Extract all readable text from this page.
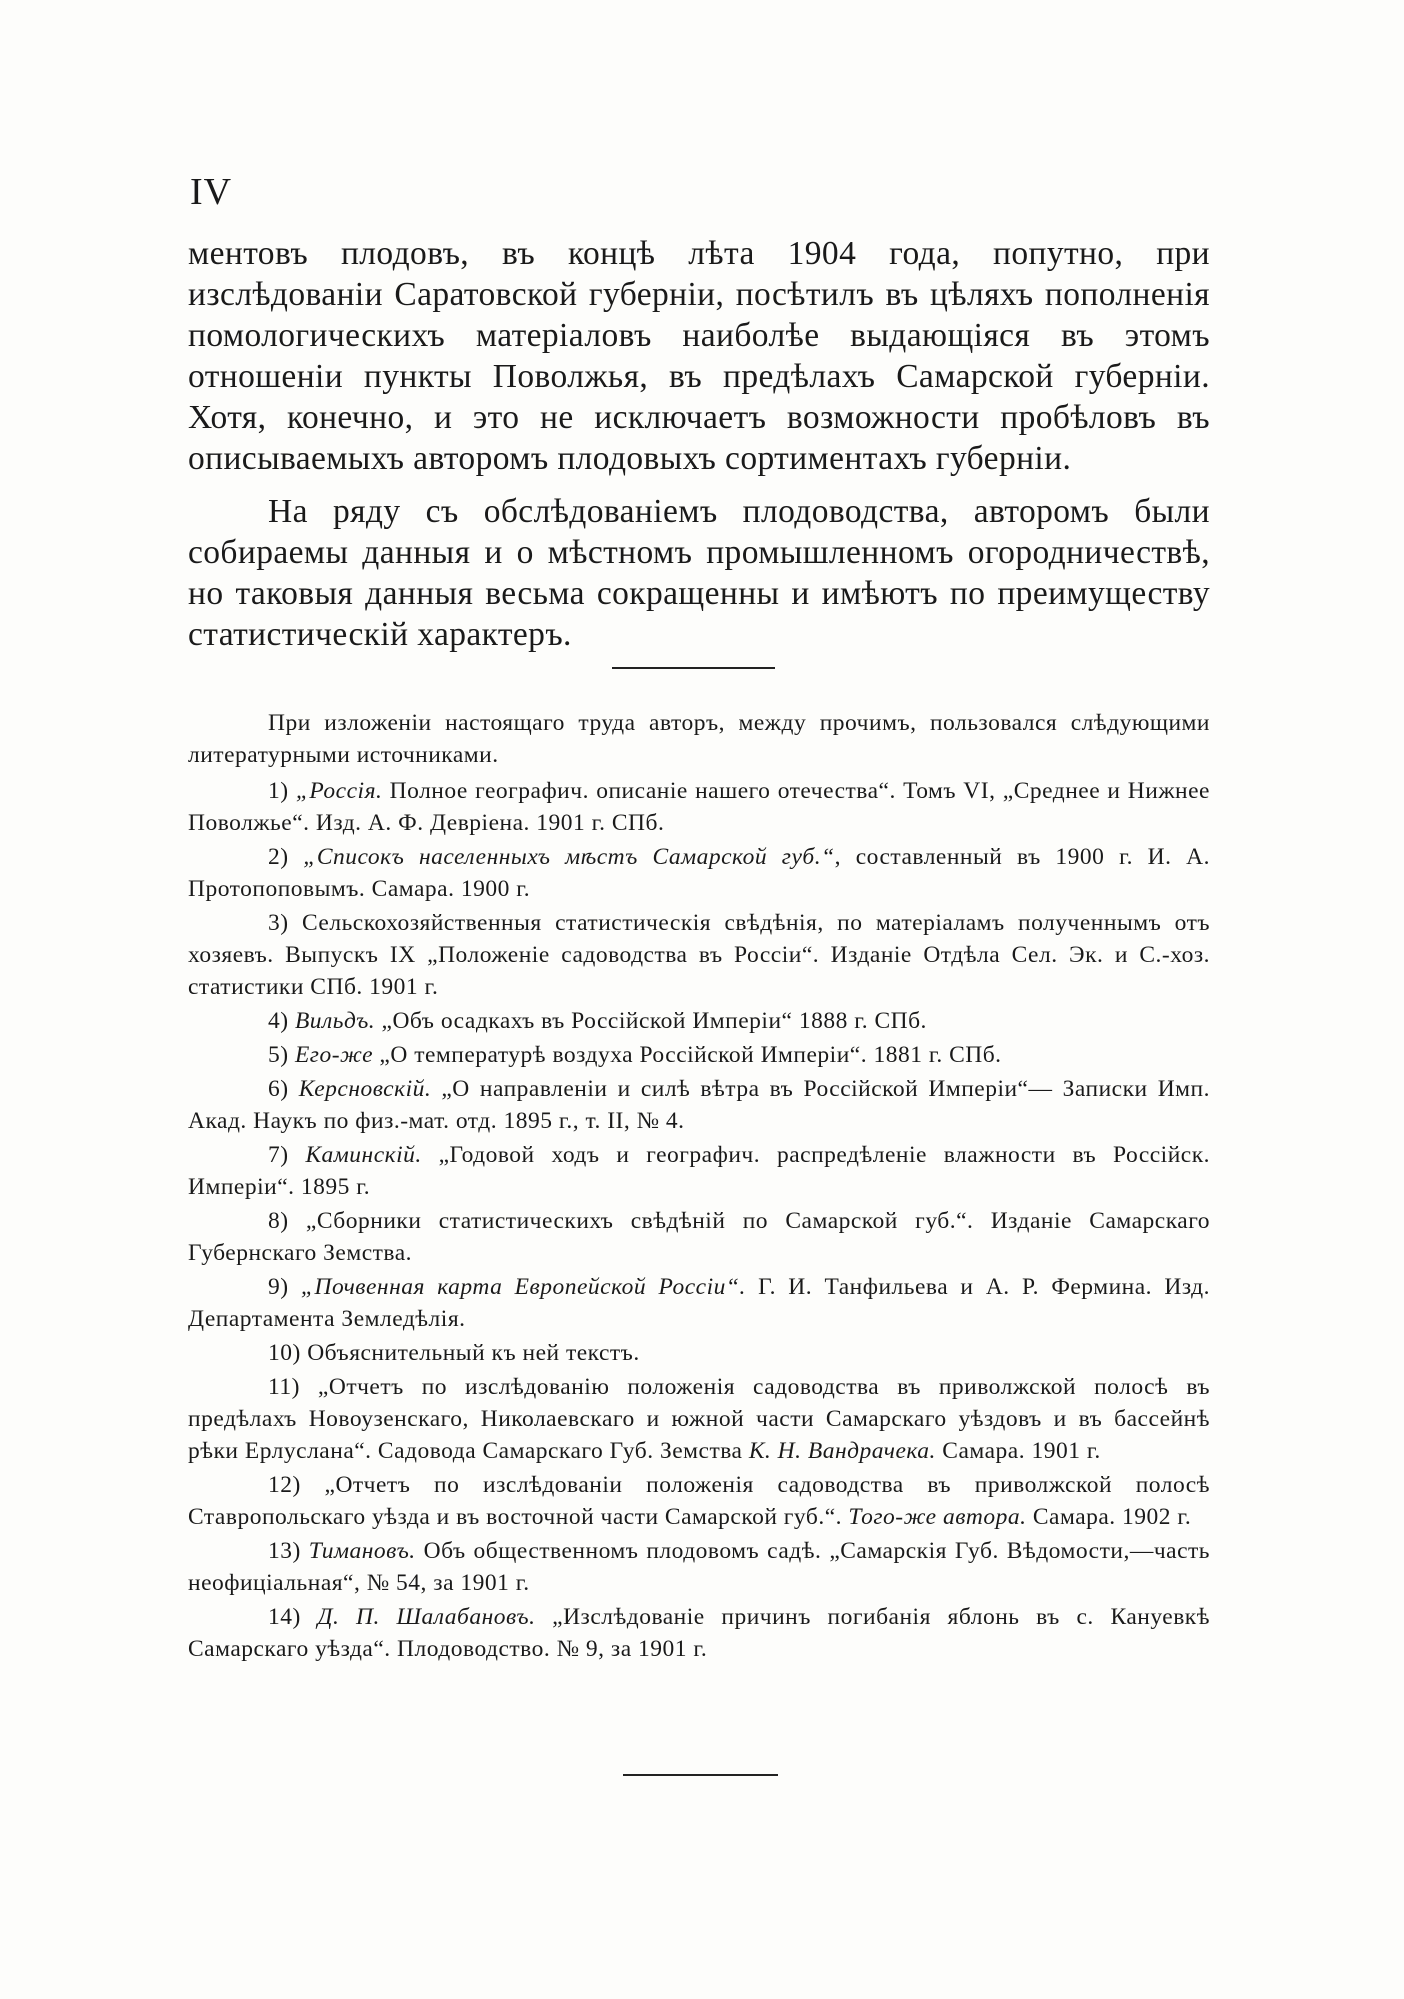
IV

ментовъ плодовъ, въ концѣ лѣта 1904 года, попутно, при изслѣдованіи Саратовской губерніи, посѣтилъ въ цѣляхъ пополненія помологическихъ матеріаловъ наиболѣе выдающіяся въ этомъ отношеніи пункты Поволжья, въ предѣлахъ Самарской губерніи. Хотя, конечно, и это не исключаетъ возможности пробѣловъ въ описываемыхъ авторомъ плодовыхъ сортиментахъ губерніи.

На ряду съ обслѣдованіемъ плодоводства, авторомъ были собираемы данныя и о мѣстномъ промышленномъ огородничествѣ, но таковыя данныя весьма сокращенны и имѣютъ по преимуществу статистическій характеръ.

При изложеніи настоящаго труда авторъ, между прочимъ, пользовался слѣдующими литературными источниками.

1) „Россія. Полное географич. описаніе нашего отечества“. Томъ VI, „Среднее и Нижнее Поволжье“. Изд. А. Ф. Девріена. 1901 г. СПб.

2) „Списокъ населенныхъ мѣстъ Самарской губ.“, составленный въ 1900 г. И. А. Протопоповымъ. Самара. 1900 г.

3) Сельскохозяйственныя статистическія свѣдѣнія, по матеріаламъ полученнымъ отъ хозяевъ. Выпускъ IX „Положеніе садоводства въ Россіи“. Изданіе Отдѣла Сел. Эк. и С.-хоз. статистики СПб. 1901 г.

4) Вильдъ. „Объ осадкахъ въ Россійской Имперіи“ 1888 г. СПб.

5) Его-же „О температурѣ воздуха Россійской Имперіи“. 1881 г. СПб.

6) Керсновскій. „О направленіи и силѣ вѣтра въ Россійской Имперіи“— Записки Имп. Акад. Наукъ по физ.-мат. отд. 1895 г., т. II, № 4.

7) Каминскій. „Годовой ходъ и географич. распредѣленіе влажности въ Россійск. Имперіи“. 1895 г.

8) „Сборники статистическихъ свѣдѣній по Самарской губ.“. Изданіе Самарскаго Губернскаго Земства.

9) „Почвенная карта Европейской Россіи“. Г. И. Танфильева и А. Р. Фермина. Изд. Департамента Земледѣлія.

10) Объяснительный къ ней текстъ.

11) „Отчетъ по изслѣдованію положенія садоводства въ приволжской полосѣ въ предѣлахъ Новоузенскаго, Николаевскаго и южной части Самарскаго уѣздовъ и въ бассейнѣ рѣки Ерлуслана“. Садовода Самарскаго Губ. Земства К. Н. Вандрачека. Самара. 1901 г.

12) „Отчетъ по изслѣдованіи положенія садоводства въ приволжской полосѣ Ставропольскаго уѣзда и въ восточной части Самарской губ.“. Того-же автора. Самара. 1902 г.

13) Тимановъ. Объ общественномъ плодовомъ садѣ. „Самарскія Губ. Вѣдомости,—часть неофиціальная“, № 54, за 1901 г.

14) Д. П. Шалабановъ. „Изслѣдованіе причинъ погибанія яблонь въ с. Кануевкѣ Самарскаго уѣзда“. Плодоводство. № 9, за 1901 г.
